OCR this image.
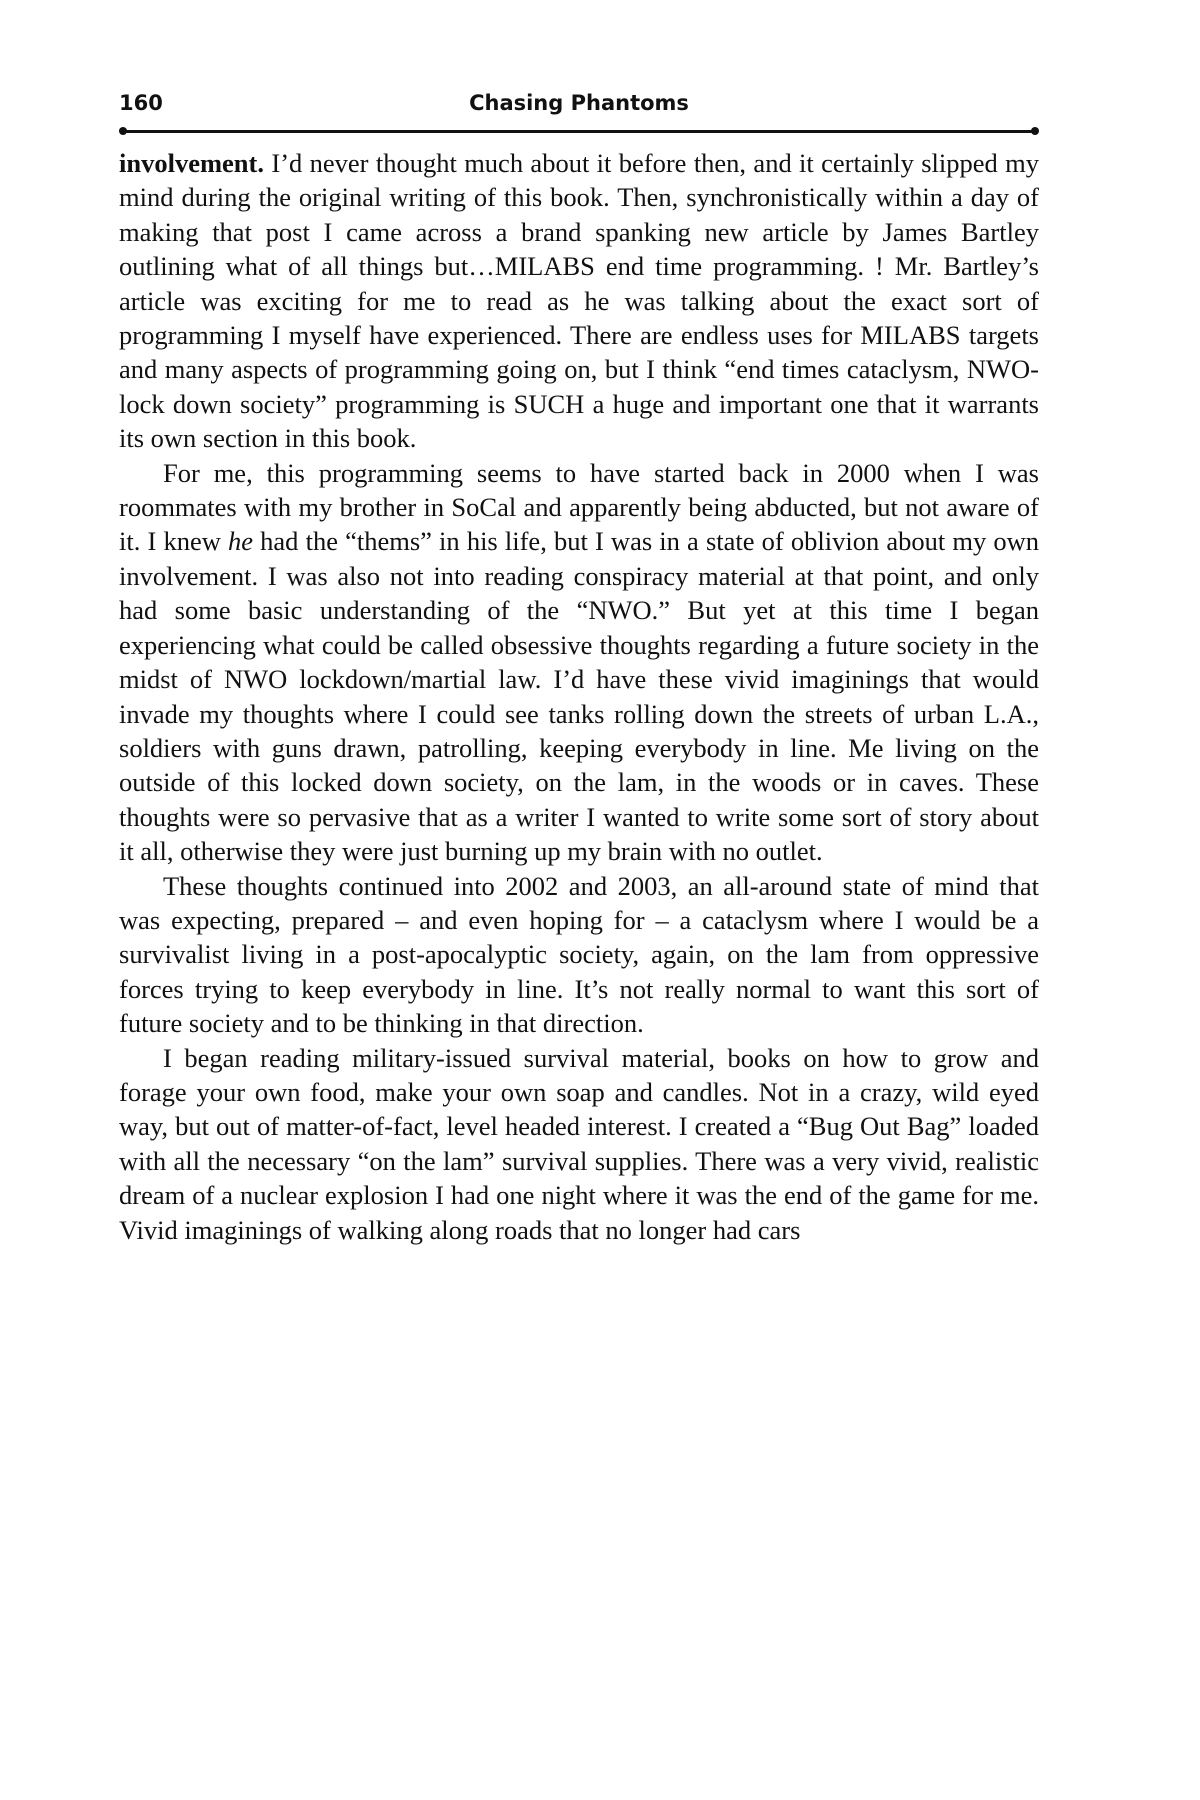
160	Chasing Phantoms

involvement. I’d never thought much about it before then, and it certainly slipped my mind during the original writing of this book. Then, synchronistically within a day of making that post I came across a brand spanking new article by James Bartley outlining what of all things but…MILABS end time programming. ! Mr. Bartley’s article was exciting for me to read as he was talking about the exact sort of programming I myself have experienced. There are endless uses for MILABS targets and many aspects of programming going on, but I think “end times cataclysm, NWO-lock down society” programming is SUCH a huge and important one that it warrants its own section in this book.

For me, this programming seems to have started back in 2000 when I was roommates with my brother in SoCal and apparently being abducted, but not aware of it. I knew he had the “thems” in his life, but I was in a state of oblivion about my own involvement. I was also not into reading conspiracy material at that point, and only had some basic understanding of the “NWO.” But yet at this time I began experiencing what could be called obsessive thoughts regarding a future society in the midst of NWO lockdown/martial law. I’d have these vivid imaginings that would invade my thoughts where I could see tanks rolling down the streets of urban L.A., soldiers with guns drawn, patrolling, keeping everybody in line. Me living on the outside of this locked down society, on the lam, in the woods or in caves. These thoughts were so pervasive that as a writer I wanted to write some sort of story about it all, otherwise they were just burning up my brain with no outlet.

These thoughts continued into 2002 and 2003, an all-around state of mind that was expecting, prepared – and even hoping for – a cataclysm where I would be a survivalist living in a post-apocalyptic society, again, on the lam from oppressive forces trying to keep everybody in line. It’s not really normal to want this sort of future society and to be thinking in that direction.

I began reading military-issued survival material, books on how to grow and forage your own food, make your own soap and candles. Not in a crazy, wild eyed way, but out of matter-of-fact, level headed interest. I created a “Bug Out Bag” loaded with all the necessary “on the lam” survival supplies. There was a very vivid, realistic dream of a nuclear explosion I had one night where it was the end of the game for me. Vivid imaginings of walking along roads that no longer had cars
